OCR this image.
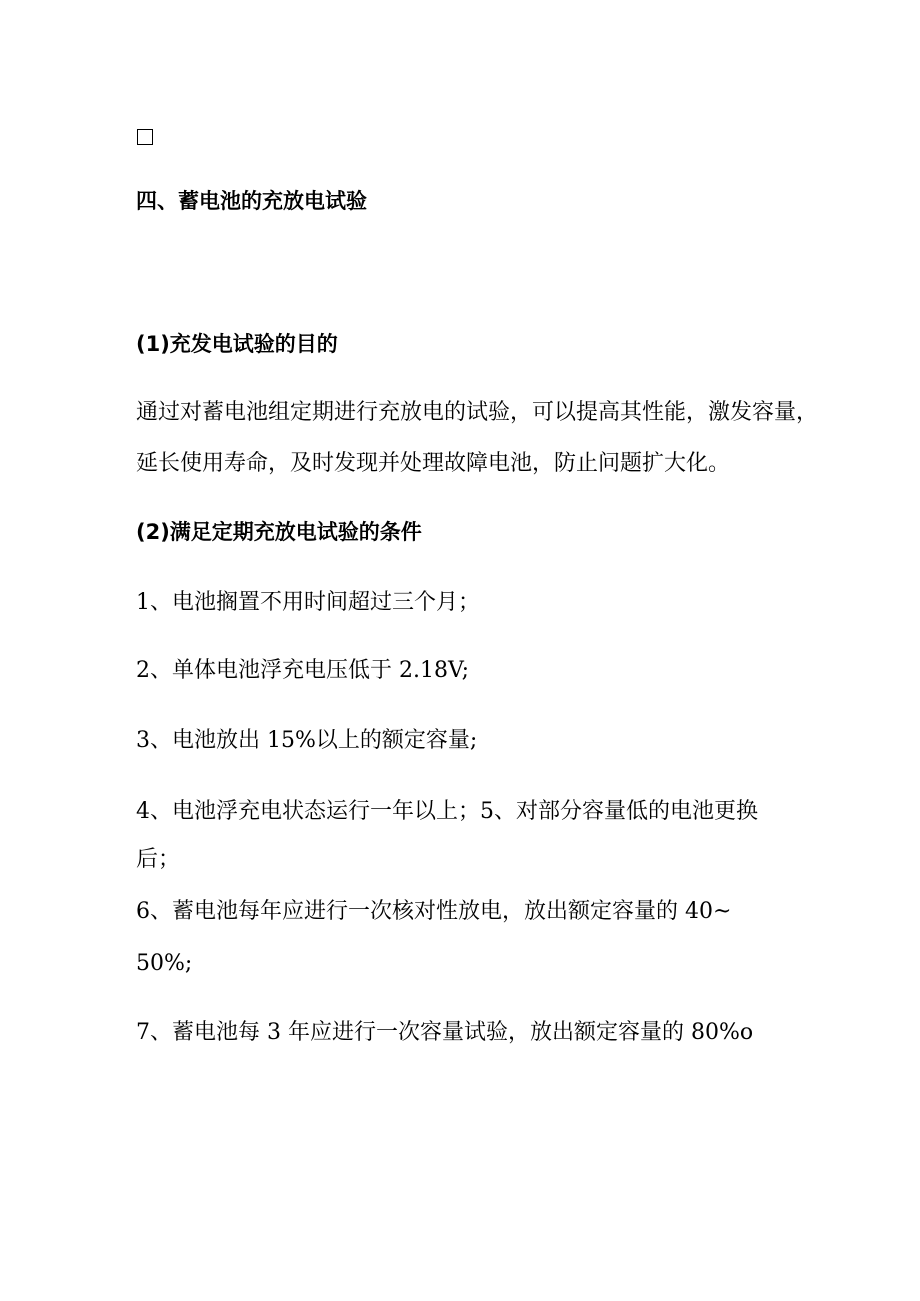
四、蓄电池的充放电试验
(1)充发电试验的目的
通过对蓄电池组定期进行充放电的试验，可以提高其性能，激发容量，
延长使用寿命，及时发现并处理故障电池，防止问题扩大化。
(2)满足定期充放电试验的条件
1、电池搁置不用时间超过三个月；
2、单体电池浮充电压低于 2.18V;
3、电池放出 15%以上的额定容量;
4、电池浮充电状态运行一年以上；5、对部分容量低的电池更换
后；
6、蓄电池每年应进行一次核对性放电，放出额定容量的 40~
50%;
7、蓄电池每 3 年应进行一次容量试验，放出额定容量的 80%o
